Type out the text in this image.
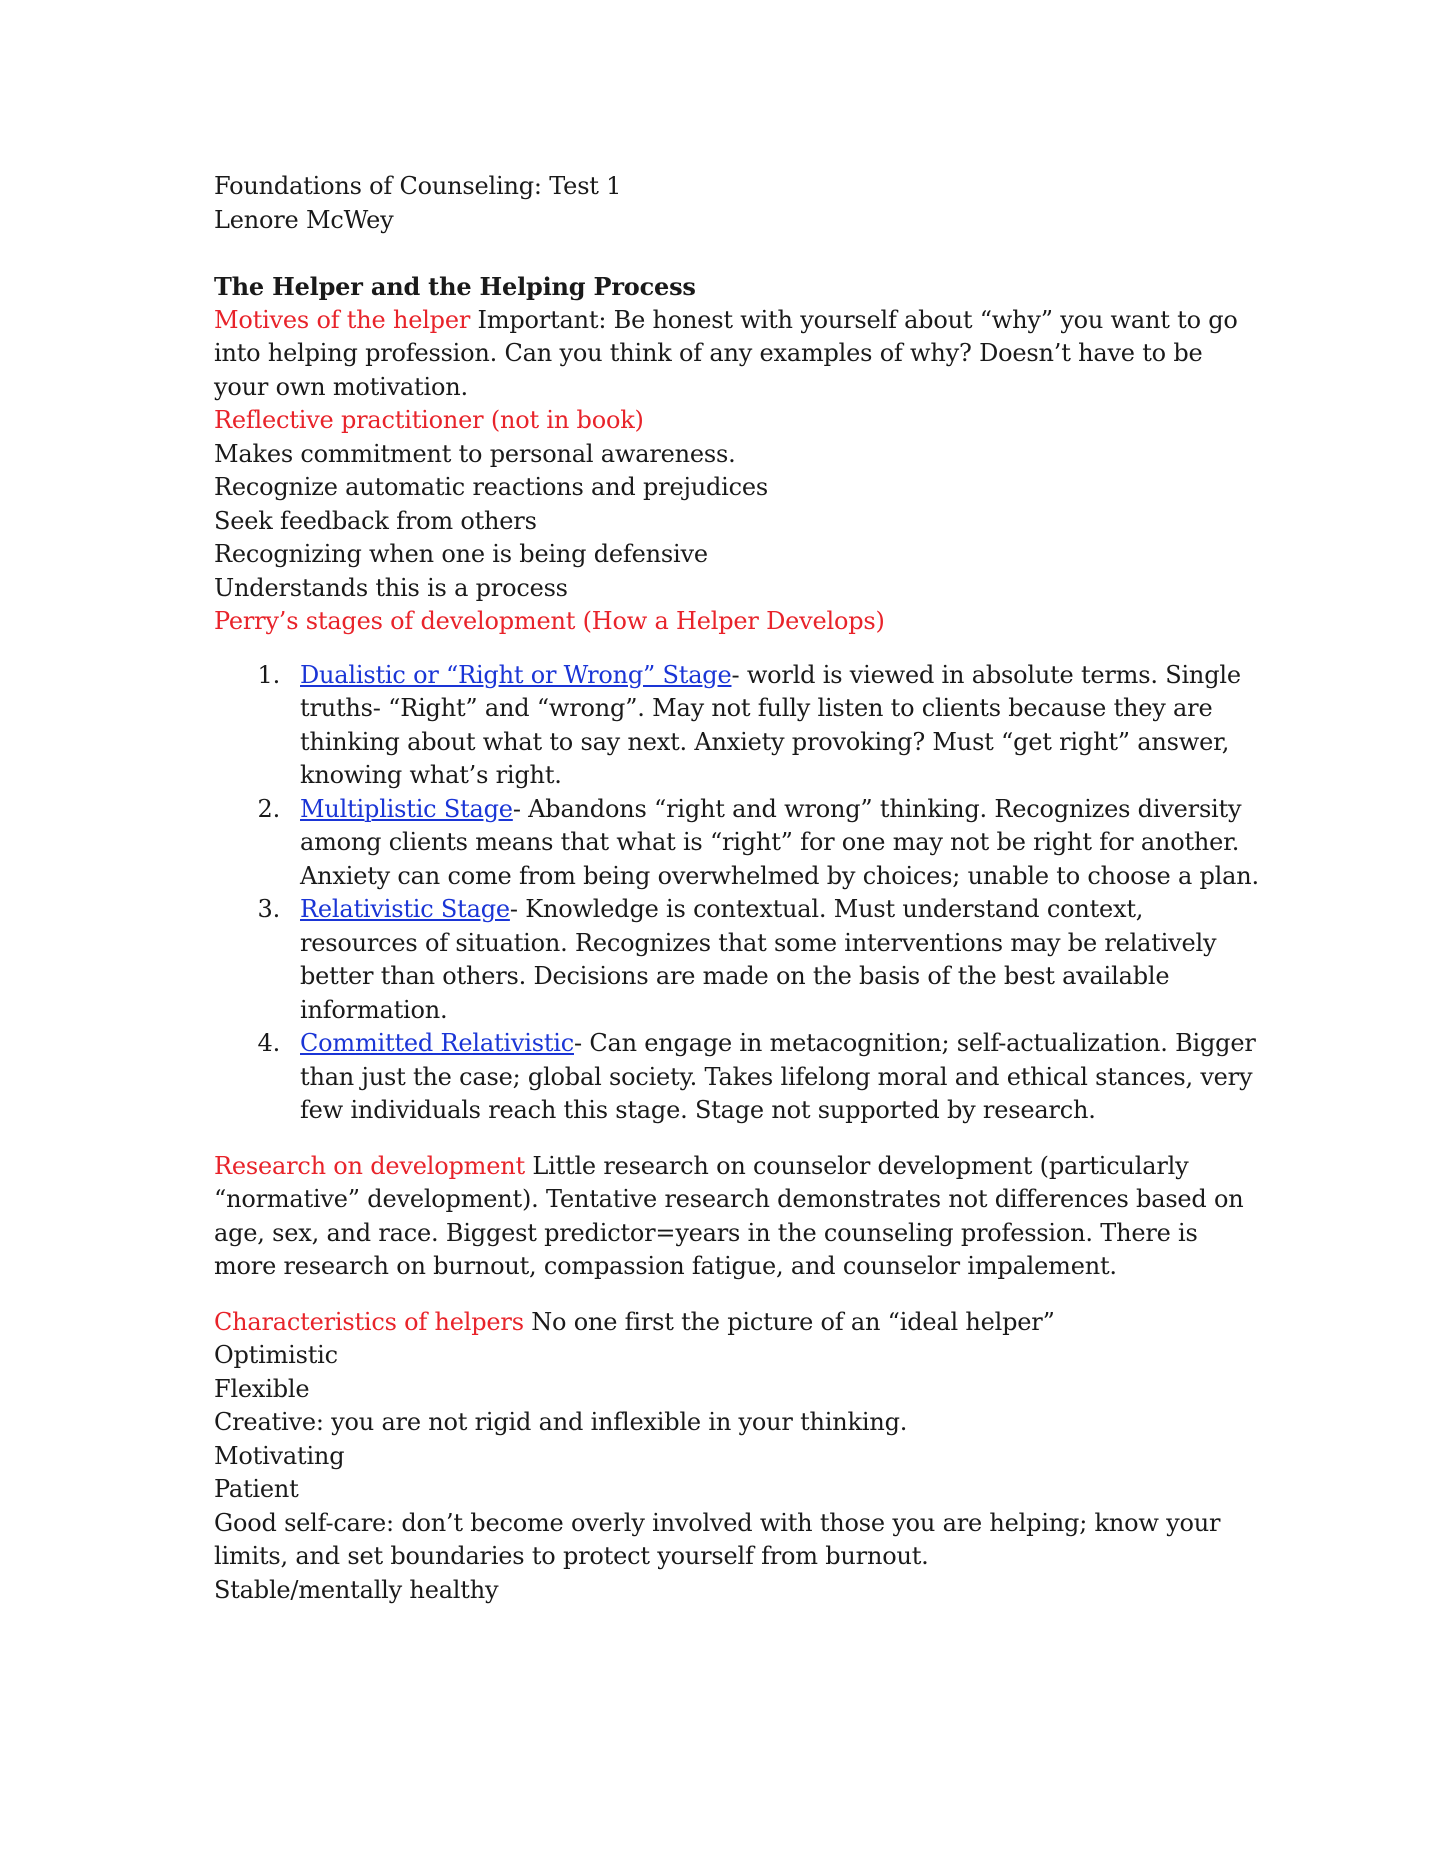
Foundations of Counseling: Test 1

Lenore McWey

The Helper and the Helping Process

Motives of the helper Important: Be honest with yourself about “why” you want to go into helping profession. Can you think of any examples of why? Doesn’t have to be your own motivation.

Reflective practitioner (not in book)

Makes commitment to personal awareness.

Recognize automatic reactions and prejudices

Seek feedback from others

Recognizing when one is being defensive

Understands this is a process

Perry’s stages of development (How a Helper Develops)

1. Dualistic or “Right or Wrong” Stage- world is viewed in absolute terms. Single truths- “Right” and “wrong”. May not fully listen to clients because they are thinking about what to say next. Anxiety provoking? Must “get right” answer, knowing what’s right.
2. Multiplistic Stage- Abandons “right and wrong” thinking. Recognizes diversity among clients means that what is “right” for one may not be right for another. Anxiety can come from being overwhelmed by choices; unable to choose a plan.
3. Relativistic Stage- Knowledge is contextual. Must understand context, resources of situation. Recognizes that some interventions may be relatively better than others. Decisions are made on the basis of the best available information.
4. Committed Relativistic- Can engage in metacognition; self-actualization. Bigger than just the case; global society. Takes lifelong moral and ethical stances, very few individuals reach this stage. Stage not supported by research.

Research on development Little research on counselor development (particularly “normative” development). Tentative research demonstrates not differences based on age, sex, and race. Biggest predictor=years in the counseling profession. There is more research on burnout, compassion fatigue, and counselor impalement.

Characteristics of helpers No one first the picture of an “ideal helper”

Optimistic

Flexible

Creative: you are not rigid and inflexible in your thinking.

Motivating

Patient

Good self-care: don’t become overly involved with those you are helping; know your limits, and set boundaries to protect yourself from burnout.

Stable/mentally healthy
